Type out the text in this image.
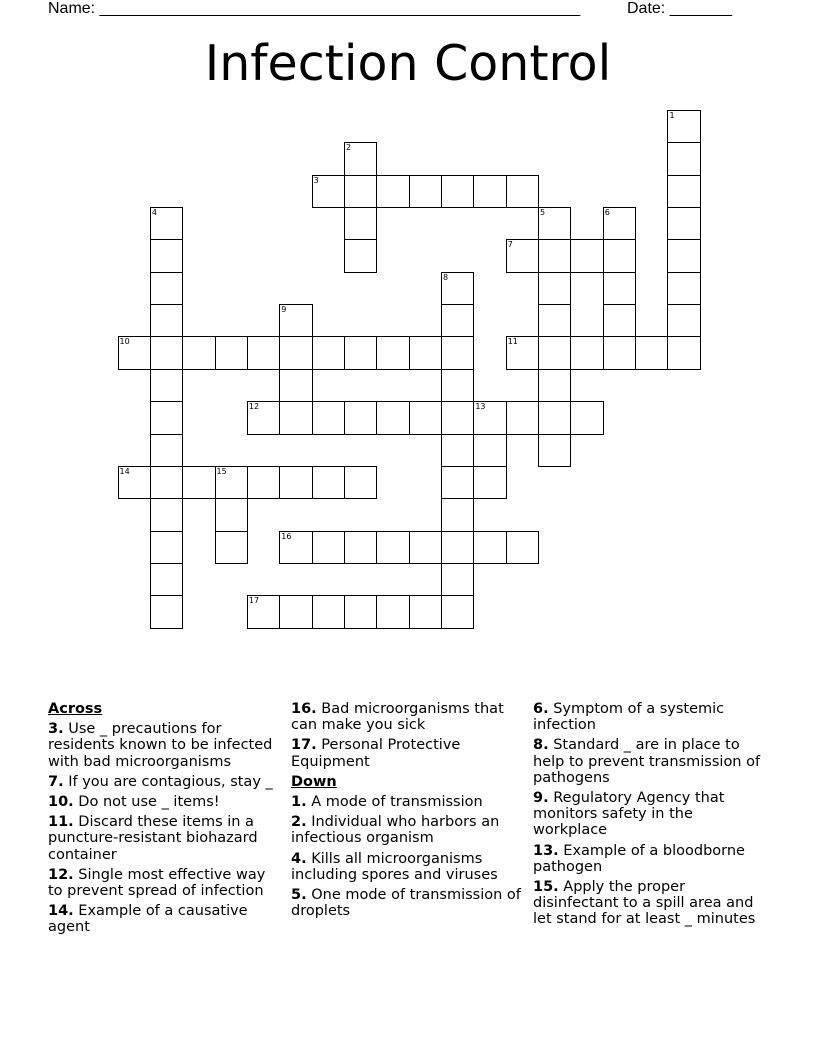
Name: ______________________________________________________	Date: _______
Infection Control
1
2
3
4	5	6
7
8
9
10	11
12	13
14	15
16
17
Across
3. Use _ precautions for residents known to be infected with bad microorganisms
7. If you are contagious, stay _
10. Do not use _ items!
11. Discard these items in a puncture-resistant biohazard container
12. Single most effective way to prevent spread of infection
14. Example of a causative agent
16. Bad microorganisms that can make you sick
17. Personal Protective Equipment
Down
1. A mode of transmission
2. Individual who harbors an infectious organism
4. Kills all microorganisms including spores and viruses
5. One mode of transmission of droplets
6. Symptom of a systemic infection
8. Standard _ are in place to help to prevent transmission of pathogens
9. Regulatory Agency that monitors safety in the workplace
13. Example of a bloodborne pathogen
15. Apply the proper disinfectant to a spill area and let stand for at least _ minutes
